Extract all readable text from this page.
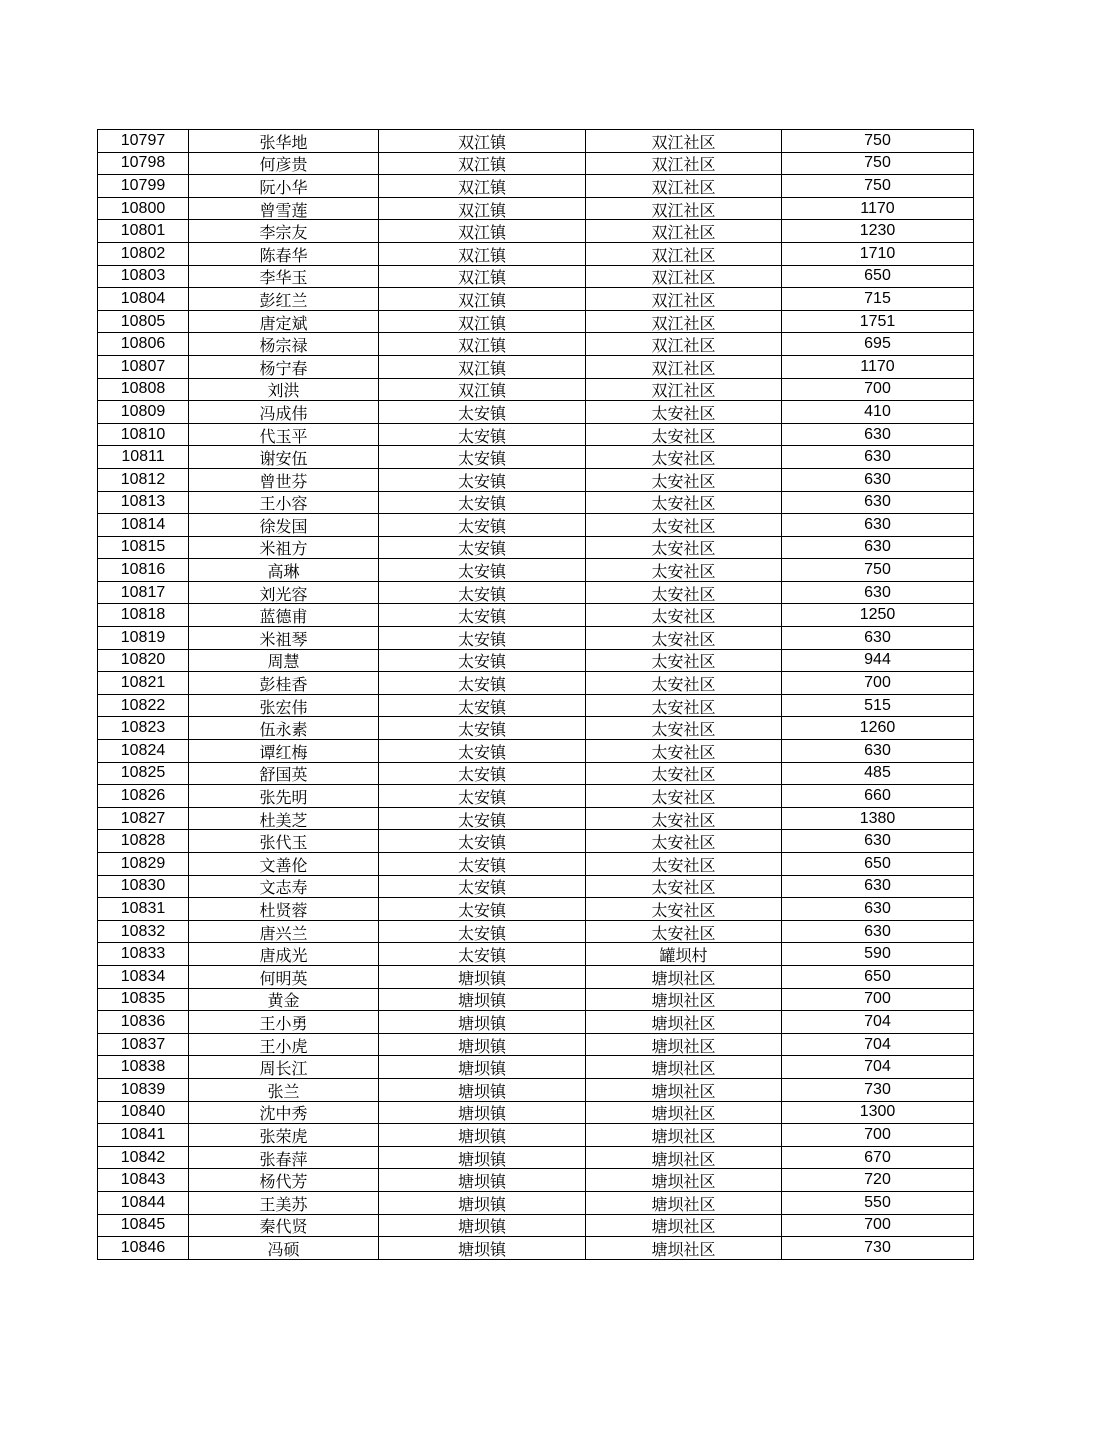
10797	张华地	双江镇	双江社区	750
10798	何彦贵	双江镇	双江社区	750
10799	阮小华	双江镇	双江社区	750
10800	曾雪莲	双江镇	双江社区	1170
10801	李宗友	双江镇	双江社区	1230
10802	陈春华	双江镇	双江社区	1710
10803	李华玉	双江镇	双江社区	650
10804	彭红兰	双江镇	双江社区	715
10805	唐定斌	双江镇	双江社区	1751
10806	杨宗禄	双江镇	双江社区	695
10807	杨宁春	双江镇	双江社区	1170
10808	刘洪	双江镇	双江社区	700
10809	冯成伟	太安镇	太安社区	410
10810	代玉平	太安镇	太安社区	630
10811	谢安伍	太安镇	太安社区	630
10812	曾世芬	太安镇	太安社区	630
10813	王小容	太安镇	太安社区	630
10814	徐发国	太安镇	太安社区	630
10815	米祖方	太安镇	太安社区	630
10816	高琳	太安镇	太安社区	750
10817	刘光容	太安镇	太安社区	630
10818	蓝德甫	太安镇	太安社区	1250
10819	米祖琴	太安镇	太安社区	630
10820	周慧	太安镇	太安社区	944
10821	彭桂香	太安镇	太安社区	700
10822	张宏伟	太安镇	太安社区	515
10823	伍永素	太安镇	太安社区	1260
10824	谭红梅	太安镇	太安社区	630
10825	舒国英	太安镇	太安社区	485
10826	张先明	太安镇	太安社区	660
10827	杜美芝	太安镇	太安社区	1380
10828	张代玉	太安镇	太安社区	630
10829	文善伦	太安镇	太安社区	650
10830	文志寿	太安镇	太安社区	630
10831	杜贤蓉	太安镇	太安社区	630
10832	唐兴兰	太安镇	太安社区	630
10833	唐成光	太安镇	罐坝村	590
10834	何明英	塘坝镇	塘坝社区	650
10835	黄金	塘坝镇	塘坝社区	700
10836	王小勇	塘坝镇	塘坝社区	704
10837	王小虎	塘坝镇	塘坝社区	704
10838	周长江	塘坝镇	塘坝社区	704
10839	张兰	塘坝镇	塘坝社区	730
10840	沈中秀	塘坝镇	塘坝社区	1300
10841	张荣虎	塘坝镇	塘坝社区	700
10842	张春萍	塘坝镇	塘坝社区	670
10843	杨代芳	塘坝镇	塘坝社区	720
10844	王美苏	塘坝镇	塘坝社区	550
10845	秦代贤	塘坝镇	塘坝社区	700
10846	冯硕	塘坝镇	塘坝社区	730
